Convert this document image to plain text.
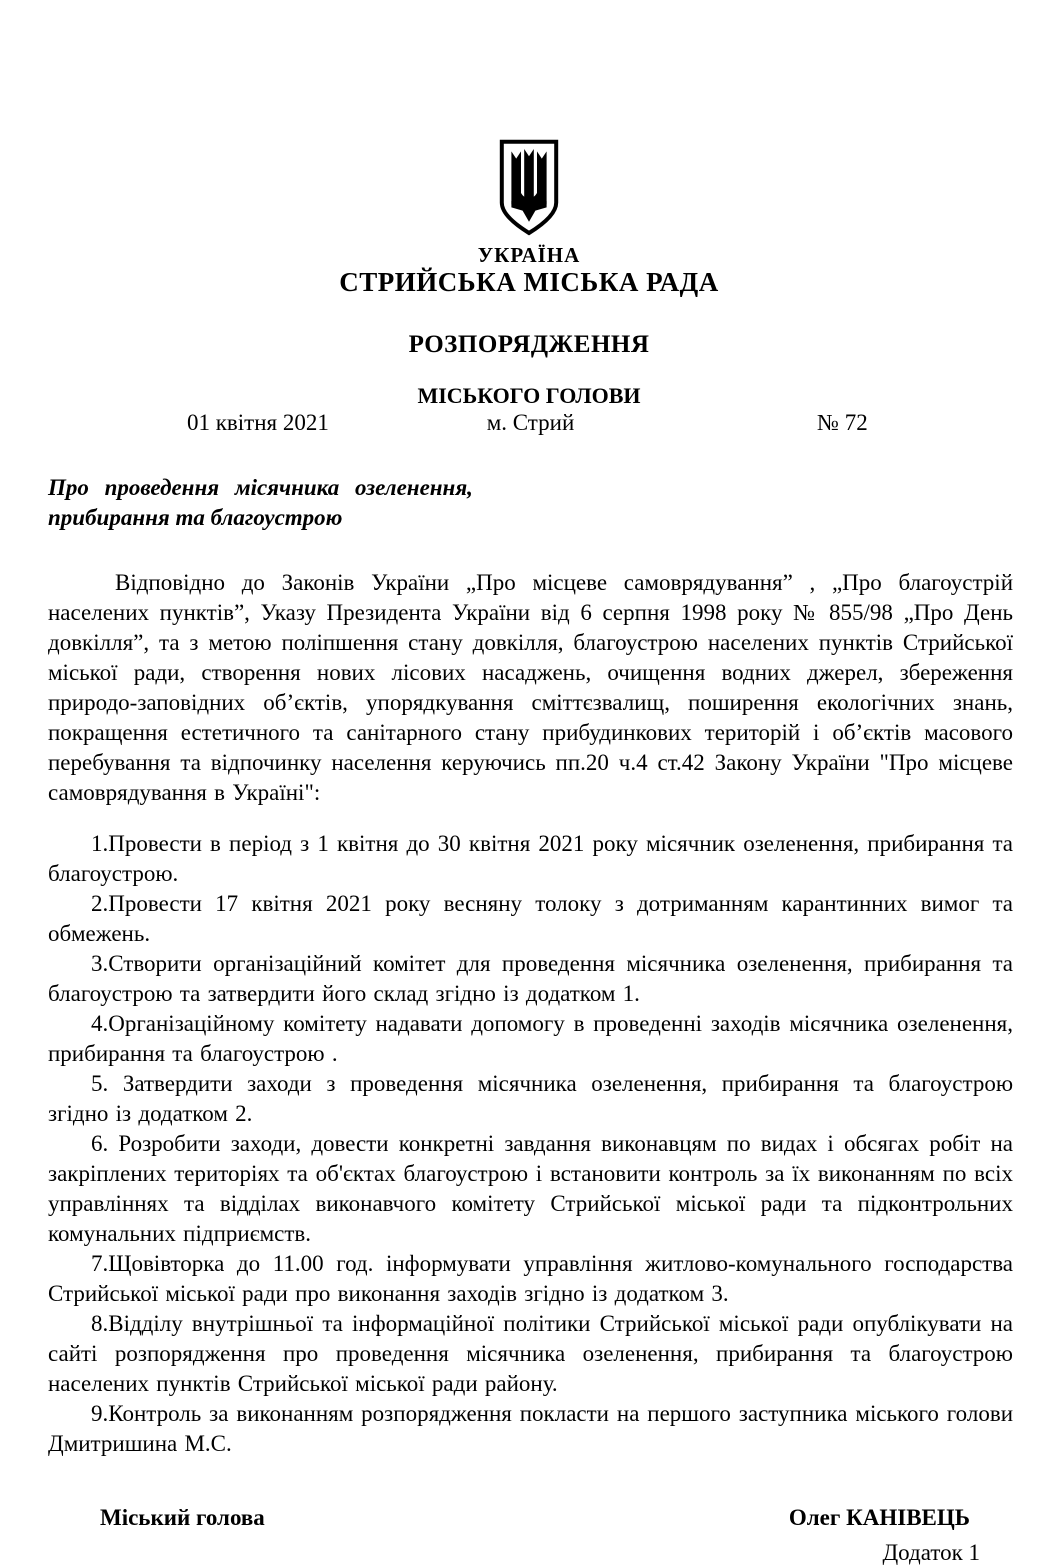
УКРАЇНА
СТРИЙСЬКА МІСЬКА РАДА
РОЗПОРЯДЖЕННЯ
МІСЬКОГО ГОЛОВИ
01 квітня 2021	м. Стрий	№ 72
Про проведення місячника озеленення,
прибирання та благоустрою

Відповідно до Законів України „Про місцеве самоврядування” , „Про благоустрій населених пунктів”, Указу Президента України від 6 серпня 1998 року № 855/98 „Про День довкілля”, та з метою поліпшення стану довкілля, благоустрою населених пунктів Стрийської міської ради, створення нових лісових насаджень, очищення водних джерел, збереження природо-заповідних об’єктів, упорядкування сміттєзвалищ, поширення екологічних знань, покращення естетичного та санітарного стану прибудинкових територій і об’єктів масового перебування та відпочинку населення керуючись пп.20 ч.4 ст.42 Закону України "Про місцеве самоврядування в Україні":

1.Провести в період з 1 квітня до 30 квітня 2021 року місячник озеленення, прибирання та благоустрою.

2.Провести 17 квітня 2021 року весняну толоку з дотриманням карантинних вимог та обмежень.

3.Створити організаційний комітет для проведення місячника озеленення, прибирання та благоустрою та затвердити його склад згідно із додатком 1.

4.Організаційному комітету надавати допомогу в проведенні заходів місячника озеленення, прибирання та благоустрою .

5. Затвердити заходи з проведення місячника озеленення, прибирання та благоустрою згідно із додатком 2.

6. Розробити заходи, довести конкретні завдання виконавцям по видах і обсягах робіт на закріплених територіях та об'єктах благоустрою і встановити контроль за їх виконанням по всіх управліннях та відділах виконавчого комітету Стрийської міської ради та підконтрольних комунальних підприємств.

7.Щовівторка до 11.00 год. інформувати управління житлово-комунального господарства Стрийської міської ради про виконання заходів згідно із додатком 3.

8.Відділу внутрішньої та інформаційної політики Стрийської міської ради опублікувати на сайті розпорядження про проведення місячника озеленення, прибирання та благоустрою населених пунктів Стрийської міської ради району.

9.Контроль за виконанням розпорядження покласти на першого заступника міського голови Дмитришина М.С.

Міський голова	Олег КАНІВЕЦЬ
Додаток 1
